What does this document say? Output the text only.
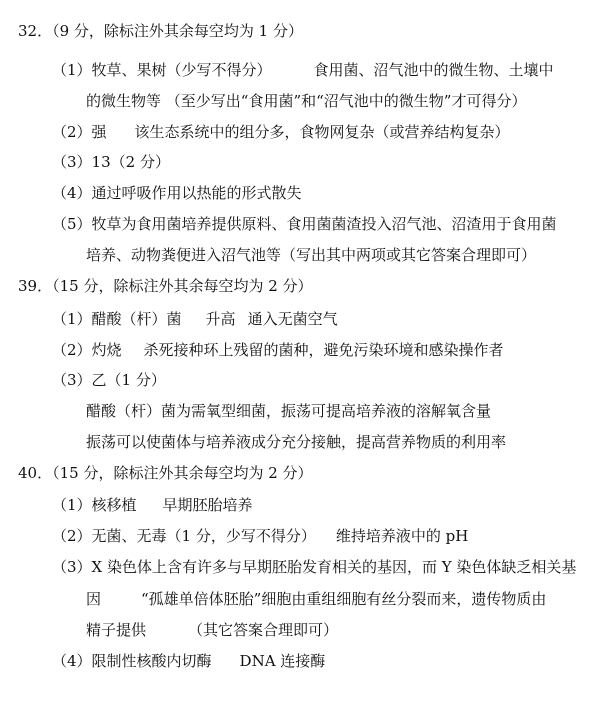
32．（9 分，除标注外其余每空均为 1 分）
（1）牧草、果树（少写不得分）	食用菌、沼气池中的微生物、土壤中
的微生物等 （至少写出“食用菌”和“沼气池中的微生物”才可得分）
（2）强 该生态系统中的组分多，食物网复杂（或营养结构复杂）
（3）13（2 分）
（4）通过呼吸作用以热能的形式散失
（5）牧草为食用菌培养提供原料、食用菌菌渣投入沼气池、沼渣用于食用菌
培养、动物粪便进入沼气池等（写出其中两项或其它答案合理即可）
39．（15 分，除标注外其余每空均为 2 分）
（1）醋酸（杆）菌 升高 通入无菌空气
（2）灼烧 杀死接种环上残留的菌种，避免污染环境和感染操作者
（3）乙（1 分）
醋酸（杆）菌为需氧型细菌，振荡可提高培养液的溶解氧含量
振荡可以使菌体与培养液成分充分接触，提高营养物质的利用率
40．（15 分，除标注外其余每空均为 2 分）
（1）核移植 早期胚胎培养
（2）无菌、无毒（1 分，少写不得分） 维持培养液中的 pH
（3）X 染色体上含有许多与早期胚胎发育相关的基因，而 Y 染色体缺乏相关基
因	“孤雄单倍体胚胎”细胞由重组细胞有丝分裂而来，遗传物质由
精子提供	（其它答案合理即可）
（4）限制性核酸内切酶 DNA 连接酶
